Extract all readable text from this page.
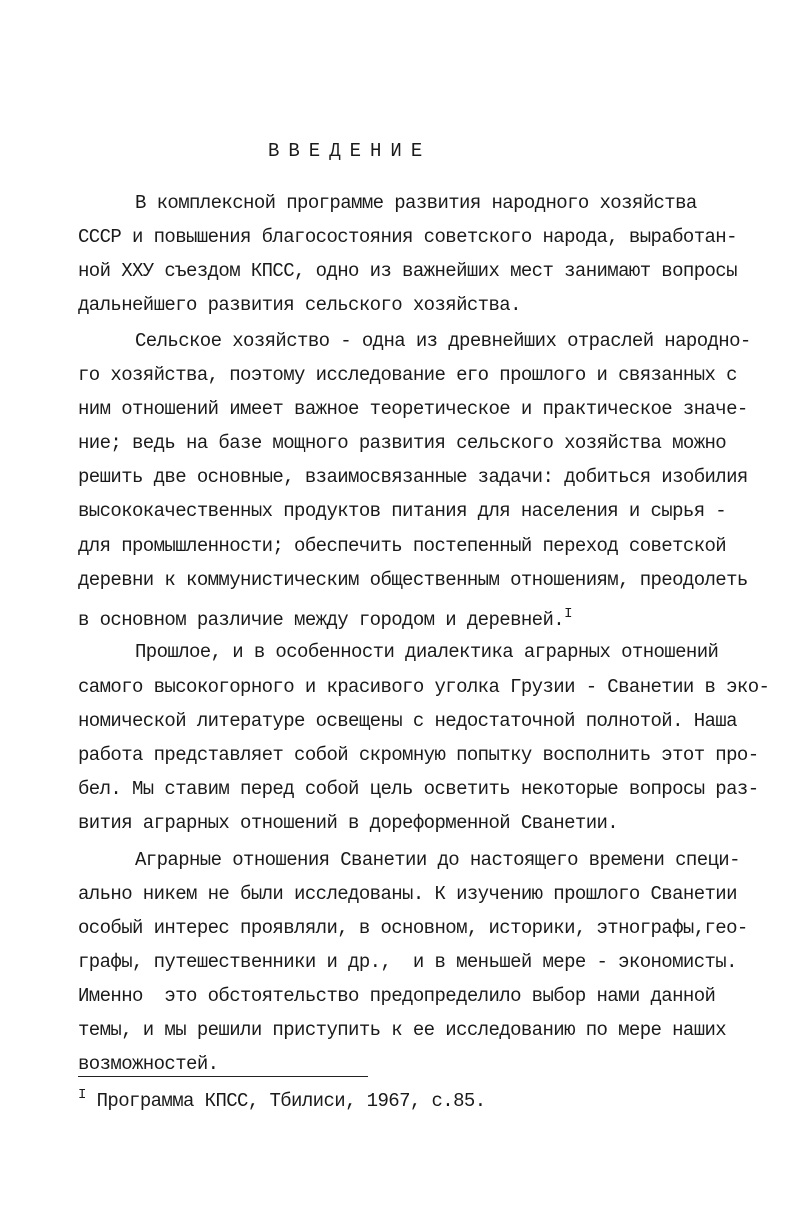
ВВЕДЕНИЕ
В комплексной программе развития народного хозяйства
СССР и повышения благосостояния советского народа, выработан-
ной ХХУ съездом КПСС, одно из важнейших мест занимают вопросы
дальнейшего развития сельского хозяйства.
Сельское хозяйство - одна из древнейших отраслей народно-
го хозяйства, поэтому исследование его прошлого и связанных с
ним отношений имеет важное теоретическое и практическое значе-
ние; ведь на базе мощного развития сельского хозяйства можно
решить две основные, взаимосвязанные задачи: добиться изобилия
высококачественных продуктов питания для населения и сырья -
для промышленности; обеспечить постепенный переход советской
деревни к коммунистическим общественным отношениям, преодолеть
в основном различие между городом и деревней.$^I$
Прошлое, и в особенности диалектика аграрных отношений
самого высокогорного и красивого уголка Грузии - Сванетии в эко-
номической литературе освещены с недостаточной полнотой. Наша
работа представляет собой скромную попытку восполнить этот про-
бел. Мы ставим перед собой цель осветить некоторые вопросы раз-
вития аграрных отношений в дореформенной Сванетии.
Аграрные отношения Сванетии до настоящего времени специ-
ально никем не были исследованы. К изучению прошлого Сванетии
особый интерес проявляли, в основном, историки, этнографы,гео-
графы, путешественники и др.,  и в меньшей мере - экономисты.
Именно  это обстоятельство предопределило выбор нами данной
темы, и мы решили приступить к ее исследованию по мере наших
возможностей.
$^I$ Программа КПСС, Тбилиси, 1967, с.85.
